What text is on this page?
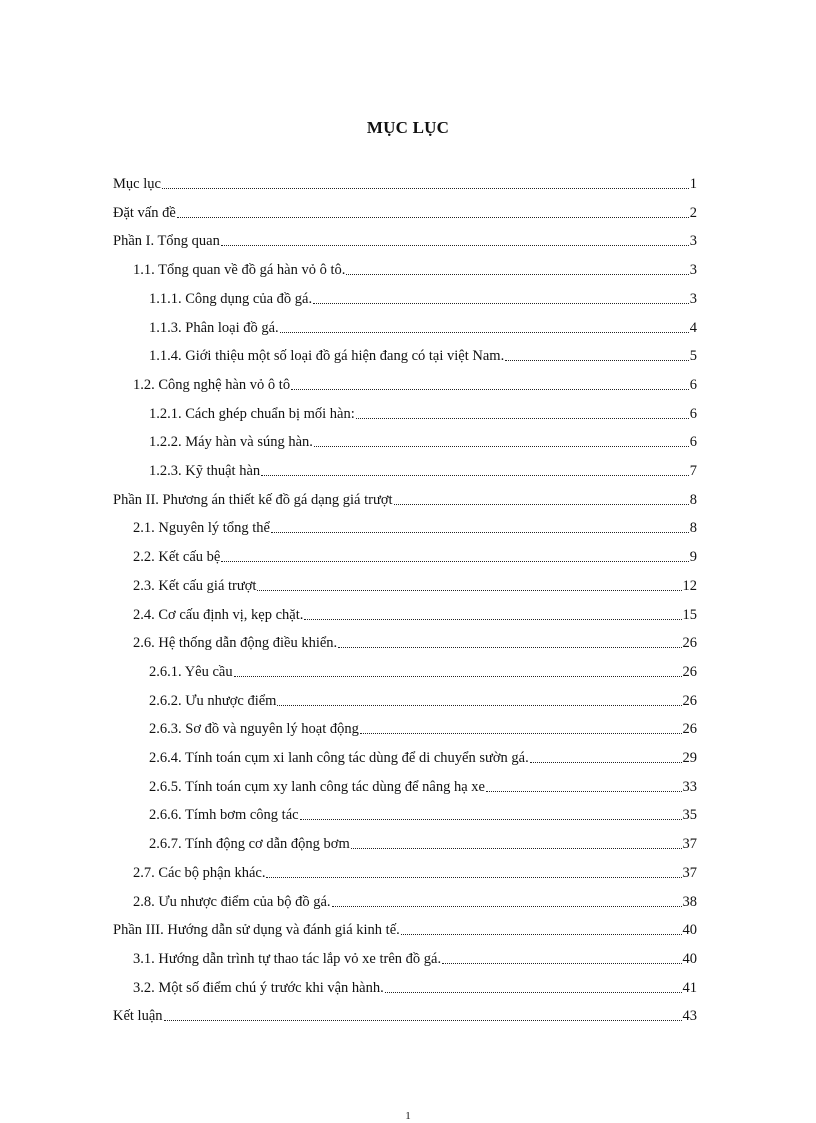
MỤC LỤC
Mục lục	1
Đặt vấn đề	2
Phần I. Tổng quan	3
1.1. Tổng quan về đồ gá hàn vỏ ô tô.	3
1.1.1. Công dụng của đồ gá.	3
1.1.3. Phân loại đồ gá.	4
1.1.4. Giới thiệu một số loại đồ gá hiện đang có tại việt Nam.	5
1.2. Công nghệ hàn vỏ ô tô	6
1.2.1. Cách ghép chuẩn bị mối hàn:	6
1.2.2. Máy hàn và súng hàn.	6
1.2.3. Kỹ thuật hàn	7
Phần II. Phương án thiết kế đồ gá dạng giá trượt	8
2.1. Nguyên lý tổng thể	8
2.2. Kết cấu bệ	9
2.3. Kết cấu giá trượt	12
2.4. Cơ cấu định vị, kẹp chặt.	15
2.6. Hệ thống dẫn động điều khiển.	26
2.6.1. Yêu cầu	26
2.6.2. Ưu nhược điểm	26
2.6.3. Sơ đồ và nguyên lý hoạt động	26
2.6.4. Tính toán cụm xi lanh công tác dùng để di chuyển sườn gá.	29
2.6.5. Tính toán cụm xy lanh công tác dùng để nâng hạ xe	33
2.6.6. Tímh bơm công tác	35
2.6.7. Tính động cơ dẫn động bơm	37
2.7. Các bộ phận khác.	37
2.8. Ưu nhược điểm của bộ đồ gá.	38
Phần III. Hướng dẫn sử dụng và đánh giá kinh tế.	40
3.1. Hướng dẫn trình tự thao tác lắp vỏ xe trên đồ gá.	40
3.2. Một số điểm chú ý trước khi vận hành.	41
Kết luận	43
1
